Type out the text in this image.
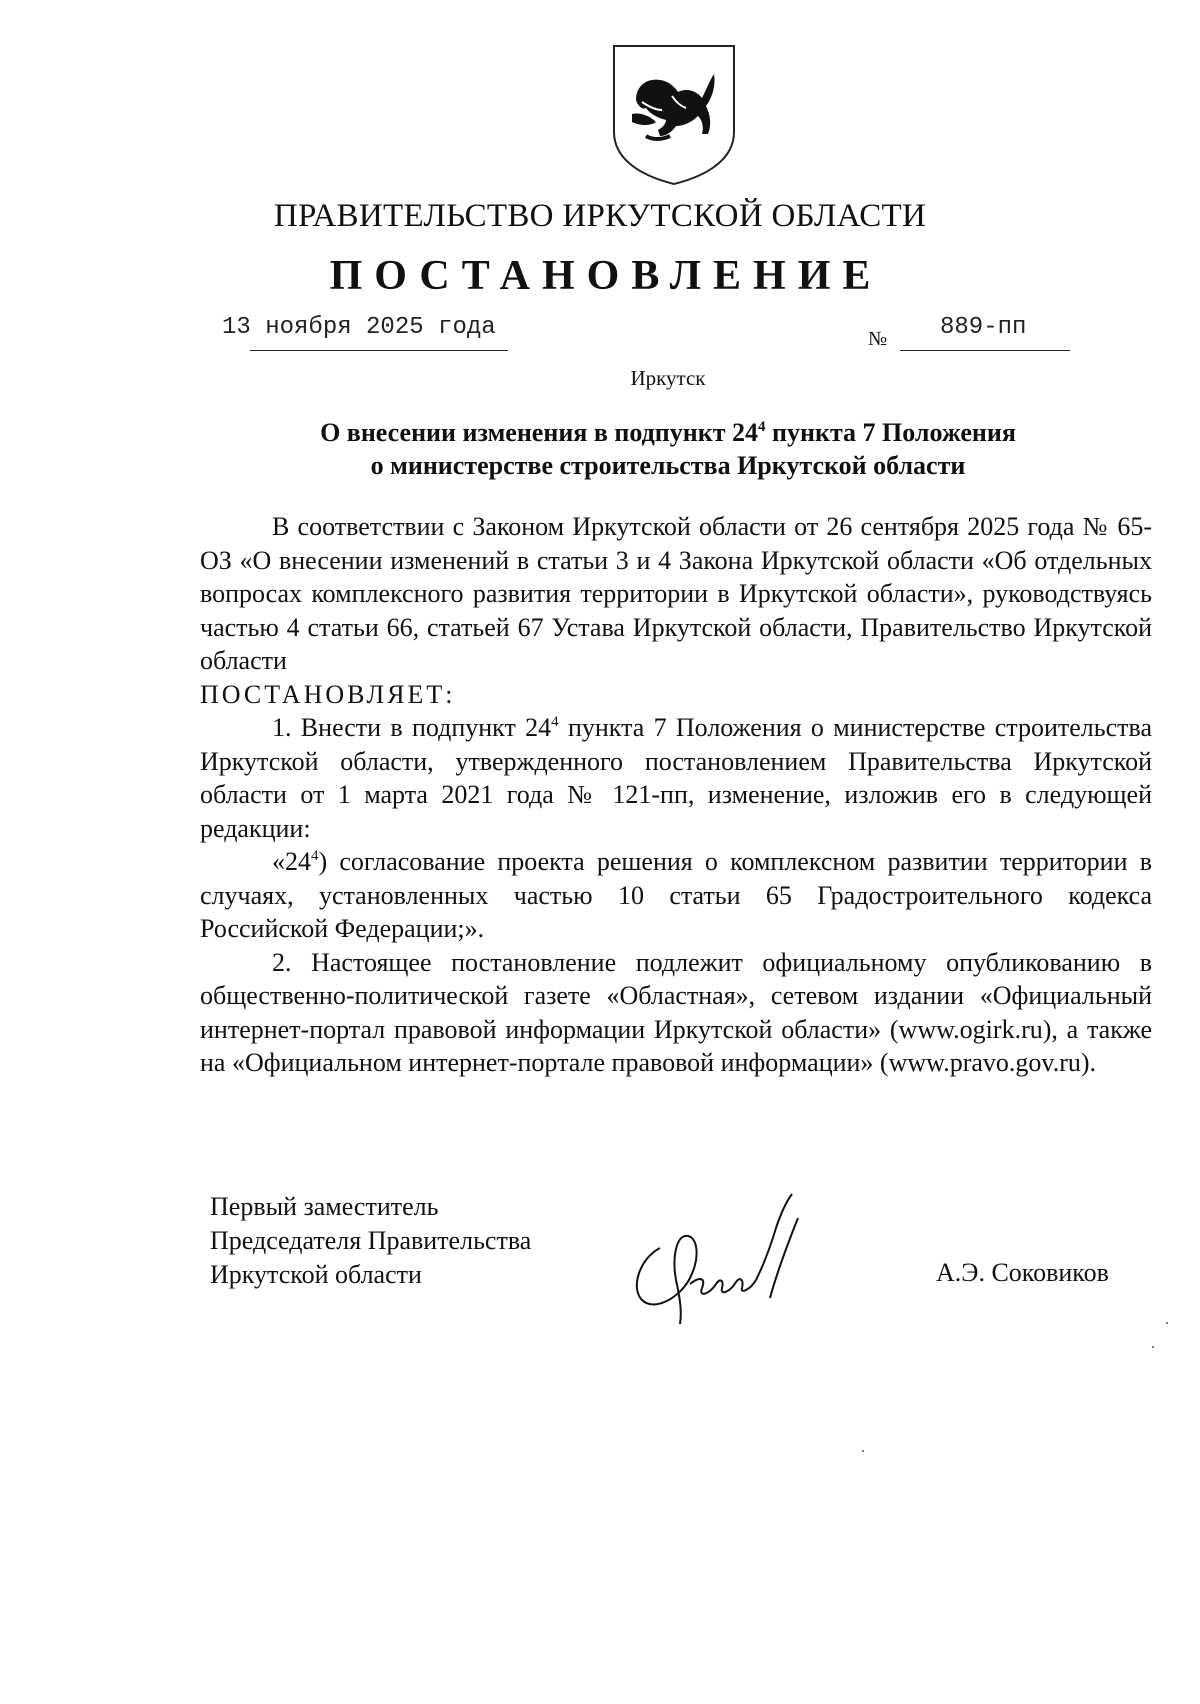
ПРАВИТЕЛЬСТВО ИРКУТСКОЙ ОБЛАСТИ
ПОСТАНОВЛЕНИЕ
13 ноября 2025 года	№ 889-пп
Иркутск
О внесении изменения в подпункт $24^4$ пункта 7 Положения
о министерстве строительства Иркутской области

В соответствии с Законом Иркутской области от 26 сентября 2025 года № 65-ОЗ «О внесении изменений в статьи 3 и 4 Закона Иркутской области «Об отдельных вопросах комплексного развития территории в Иркутской области», руководствуясь частью 4 статьи 66, статьей 67 Устава Иркутской области, Правительство Иркутской области

ПОСТАНОВЛЯЕТ:

1. Внести в подпункт $24^4$ пункта 7 Положения о министерстве строительства Иркутской области, утвержденного постановлением Правительства Иркутской области от 1 марта 2021 года № 121-пп, изменение, изложив его в следующей редакции:

«$24^4$) согласование проекта решения о комплексном развитии территории в случаях, установленных частью 10 статьи 65 Градостроительного кодекса Российской Федерации;».

2. Настоящее постановление подлежит официальному опубликованию в общественно-политической газете «Областная», сетевом издании «Официальный интернет-портал правовой информации Иркутской области» (www.ogirk.ru), а также на «Официальном интернет-портале правовой информации» (www.pravo.gov.ru).

Первый заместитель
Председателя Правительства
Иркутской области	А.Э. Соковиков
